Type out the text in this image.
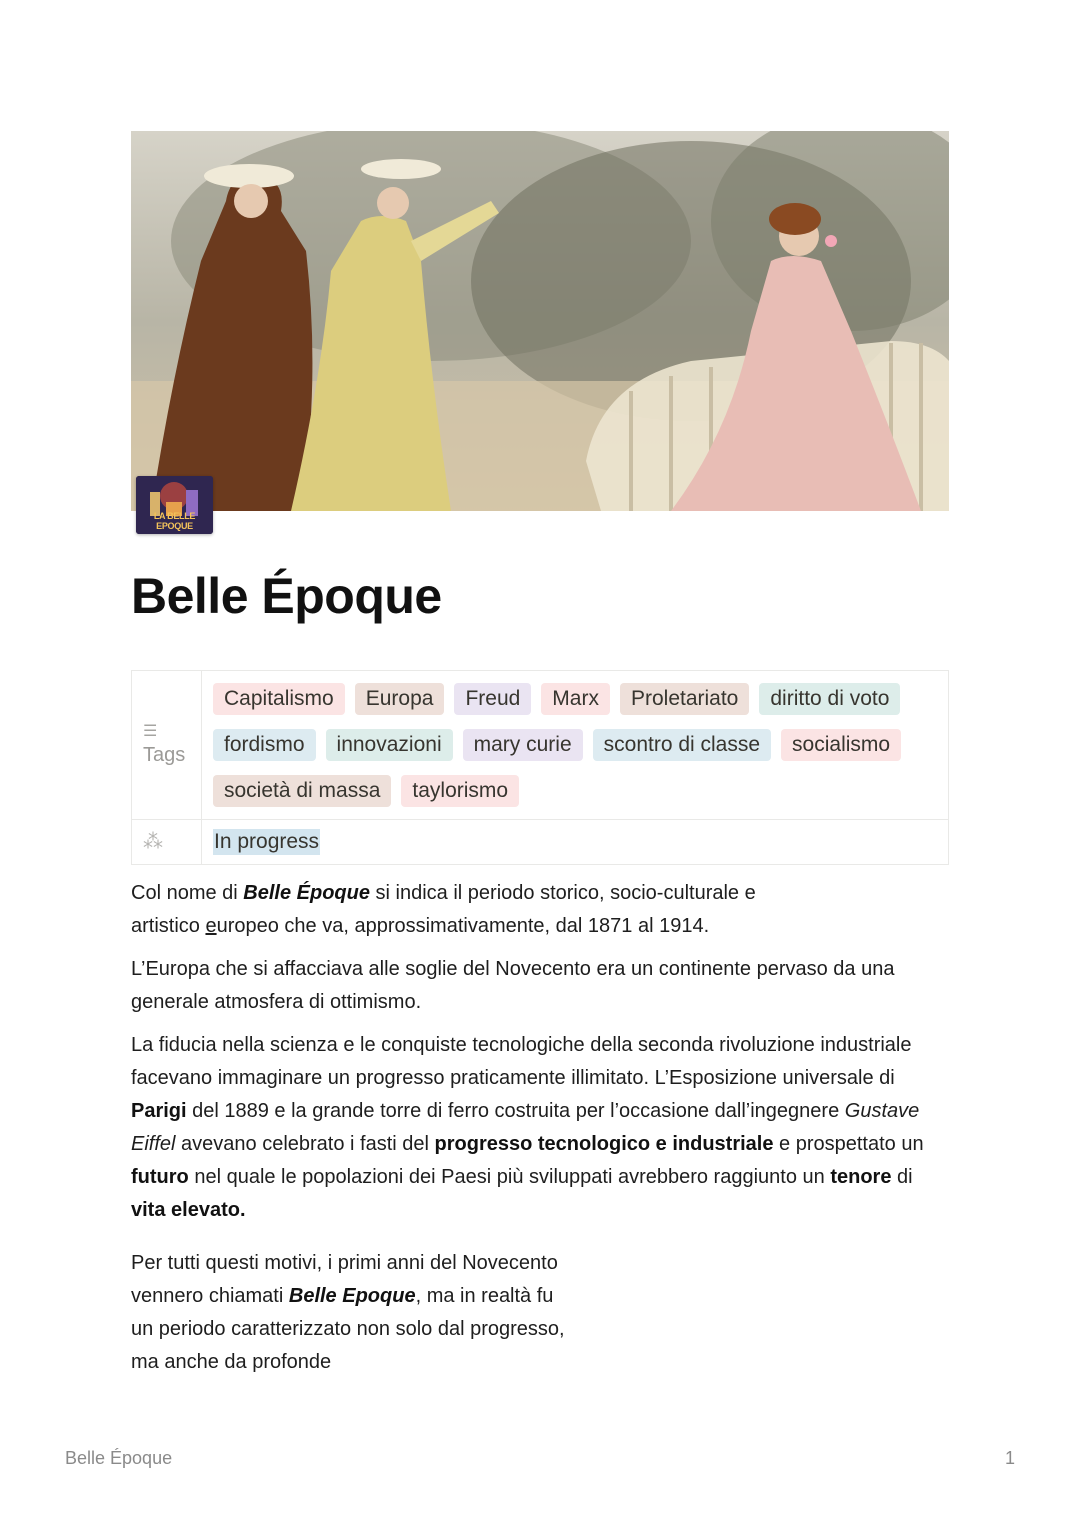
LA BELLE EPOQUE
Belle Époque
☰
Tags
Capitalismo	Europa	Freud	Marx	Proletariato	diritto di voto
fordismo	innovazioni	mary curie	scontro di classe	socialismo
società di massa	taylorismo
⁂	In progress

Col nome di Belle Époque si indica il periodo storico, socio-culturale e
artistico europeo che va, approssimativamente, dal 1871 al 1914.

L’Europa che si affacciava alle soglie del Novecento era un continente pervaso da una generale atmosfera di ottimismo.

La fiducia nella scienza e le conquiste tecnologiche della seconda rivoluzione industriale facevano immaginare un progresso praticamente illimitato. L’Esposizione universale di Parigi del 1889 e la grande torre di ferro costruita per l’occasione dall’ingegnere Gustave Eiffel avevano celebrato i fasti del progresso tecnologico e industriale e prospettato un futuro nel quale le popolazioni dei Paesi più sviluppati avrebbero raggiunto un tenore di vita elevato.

Per tutti questi motivi, i primi anni del Novecento vennero chiamati Belle Epoque, ma in realtà fu un periodo caratterizzato non solo dal progresso, ma anche da profonde

Belle Époque	1
